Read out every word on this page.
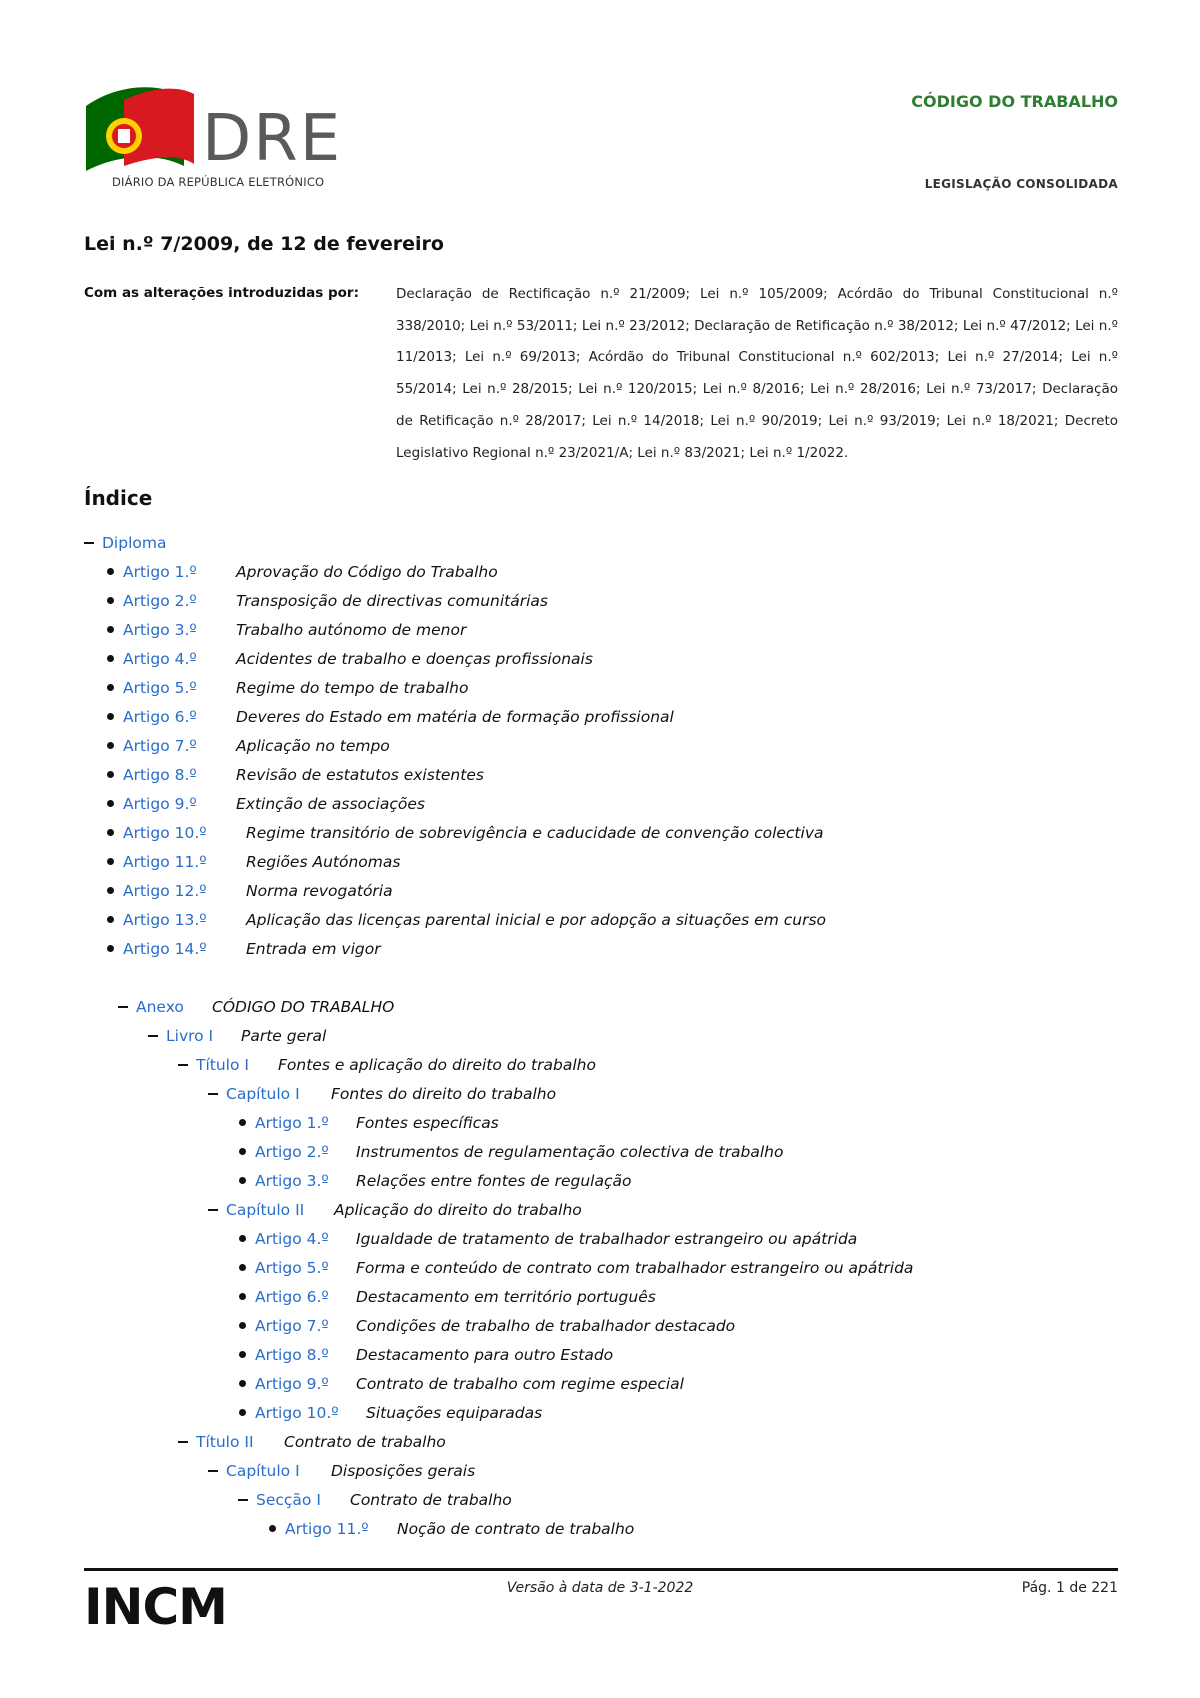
DRE
DIÁRIO DA REPÚBLICA ELETRÓNICO
CÓDIGO DO TRABALHO
LEGISLAÇÃO CONSOLIDADA
Lei n.º 7/2009, de 12 de fevereiro
Com as alterações introduzidas por:	Declaração de Rectificação n.º 21/2009; Lei n.º 105/2009; Acórdão do Tribunal Constitucional n.º 338/2010; Lei n.º 53/2011; Lei n.º 23/2012; Declaração de Retificação n.º 38/2012; Lei n.º 47/2012; Lei n.º 11/2013; Lei n.º 69/2013; Acórdão do Tribunal Constitucional n.º 602/2013; Lei n.º 27/2014; Lei n.º 55/2014; Lei n.º 28/2015; Lei n.º 120/2015; Lei n.º 8/2016; Lei n.º 28/2016; Lei n.º 73/2017; Declaração de Retificação n.º 28/2017; Lei n.º 14/2018; Lei n.º 90/2019; Lei n.º 93/2019; Lei n.º 18/2021; Decreto Legislativo Regional n.º 23/2021/A; Lei n.º 83/2021; Lei n.º 1/2022.
Índice
Diploma
Artigo 1.º	Aprovação do Código do Trabalho
Artigo 2.º	Transposição de directivas comunitárias
Artigo 3.º	Trabalho autónomo de menor
Artigo 4.º	Acidentes de trabalho e doenças profissionais
Artigo 5.º	Regime do tempo de trabalho
Artigo 6.º	Deveres do Estado em matéria de formação profissional
Artigo 7.º	Aplicação no tempo
Artigo 8.º	Revisão de estatutos existentes
Artigo 9.º	Extinção de associações
Artigo 10.º	Regime transitório de sobrevigência e caducidade de convenção colectiva
Artigo 11.º	Regiões Autónomas
Artigo 12.º	Norma revogatória
Artigo 13.º	Aplicação das licenças parental inicial e por adopção a situações em curso
Artigo 14.º	Entrada em vigor
Anexo CÓDIGO DO TRABALHO
Livro I Parte geral
Título I Fontes e aplicação do direito do trabalho
Capítulo I Fontes do direito do trabalho
Artigo 1.º Fontes específicas
Artigo 2.º Instrumentos de regulamentação colectiva de trabalho
Artigo 3.º Relações entre fontes de regulação
Capítulo II Aplicação do direito do trabalho
Artigo 4.º Igualdade de tratamento de trabalhador estrangeiro ou apátrida
Artigo 5.º Forma e conteúdo de contrato com trabalhador estrangeiro ou apátrida
Artigo 6.º Destacamento em território português
Artigo 7.º Condições de trabalho de trabalhador destacado
Artigo 8.º Destacamento para outro Estado
Artigo 9.º Contrato de trabalho com regime especial
Artigo 10.º Situações equiparadas
Título II Contrato de trabalho
Capítulo I Disposições gerais
Secção I Contrato de trabalho
Artigo 11.º Noção de contrato de trabalho
INCM	Versão à data de 3-1-2022	Pág. 1 de 221
